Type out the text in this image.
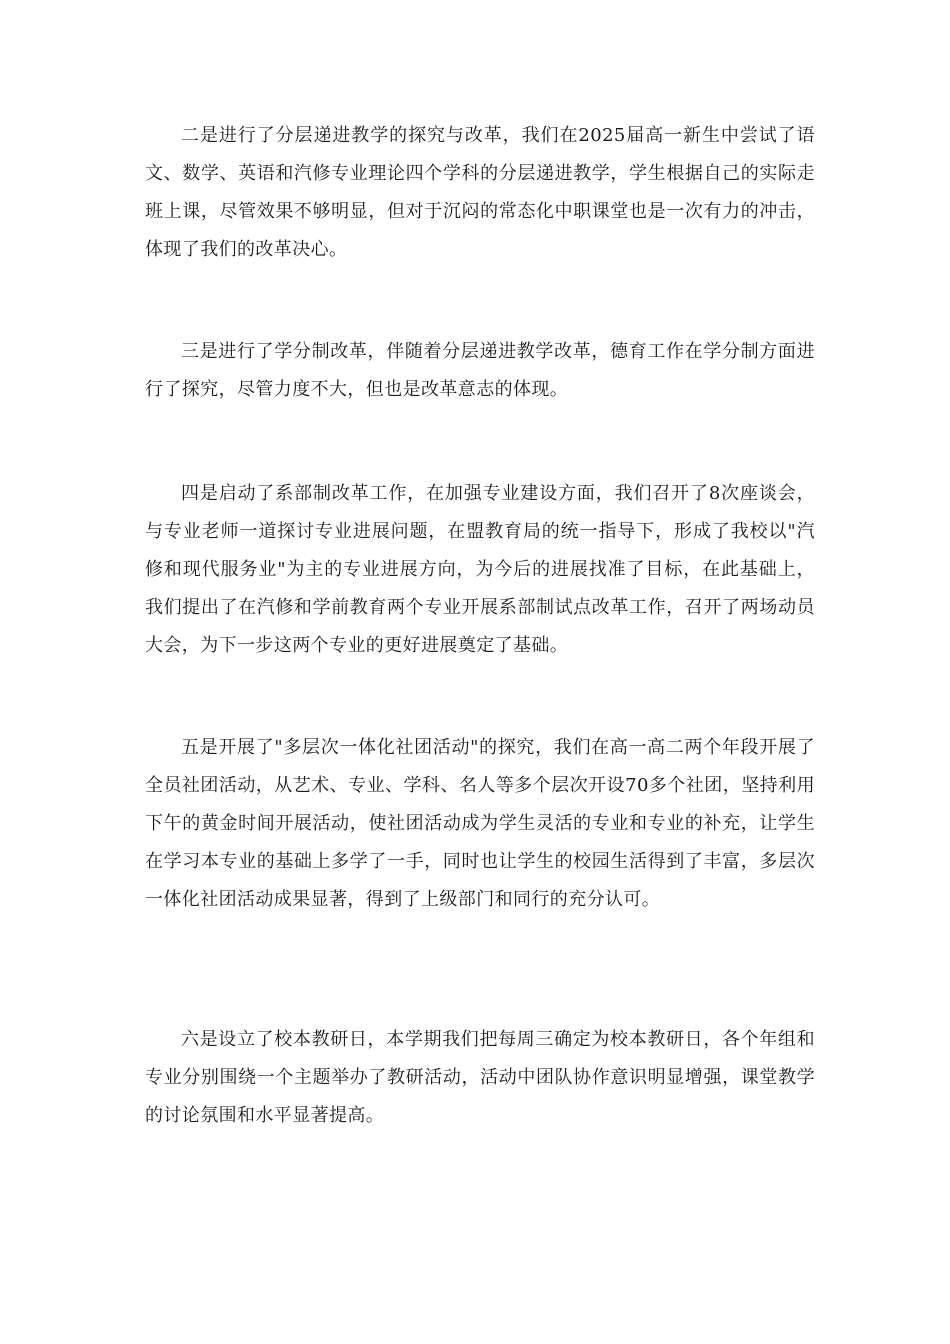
二是进行了分层递进教学的探究与改革，我们在2025届高一新生中尝试了语文、数学、英语和汽修专业理论四个学科的分层递进教学，学生根据自己的实际走班上课，尽管效果不够明显，但对于沉闷的常态化中职课堂也是一次有力的冲击，体现了我们的改革决心。

三是进行了学分制改革，伴随着分层递进教学改革，德育工作在学分制方面进行了探究，尽管力度不大，但也是改革意志的体现。

四是启动了系部制改革工作，在加强专业建设方面，我们召开了8次座谈会，与专业老师一道探讨专业进展问题，在盟教育局的统一指导下，形成了我校以"汽修和现代服务业"为主的专业进展方向，为今后的进展找准了目标，在此基础上，我们提出了在汽修和学前教育两个专业开展系部制试点改革工作，召开了两场动员大会，为下一步这两个专业的更好进展奠定了基础。

五是开展了"多层次一体化社团活动"的探究，我们在高一高二两个年段开展了全员社团活动，从艺术、专业、学科、名人等多个层次开设70多个社团，坚持利用下午的黄金时间开展活动，使社团活动成为学生灵活的专业和专业的补充，让学生在学习本专业的基础上多学了一手，同时也让学生的校园生活得到了丰富，多层次一体化社团活动成果显著，得到了上级部门和同行的充分认可。

六是设立了校本教研日，本学期我们把每周三确定为校本教研日，各个年组和专业分别围绕一个主题举办了教研活动，活动中团队协作意识明显增强，课堂教学的讨论氛围和水平显著提高。
